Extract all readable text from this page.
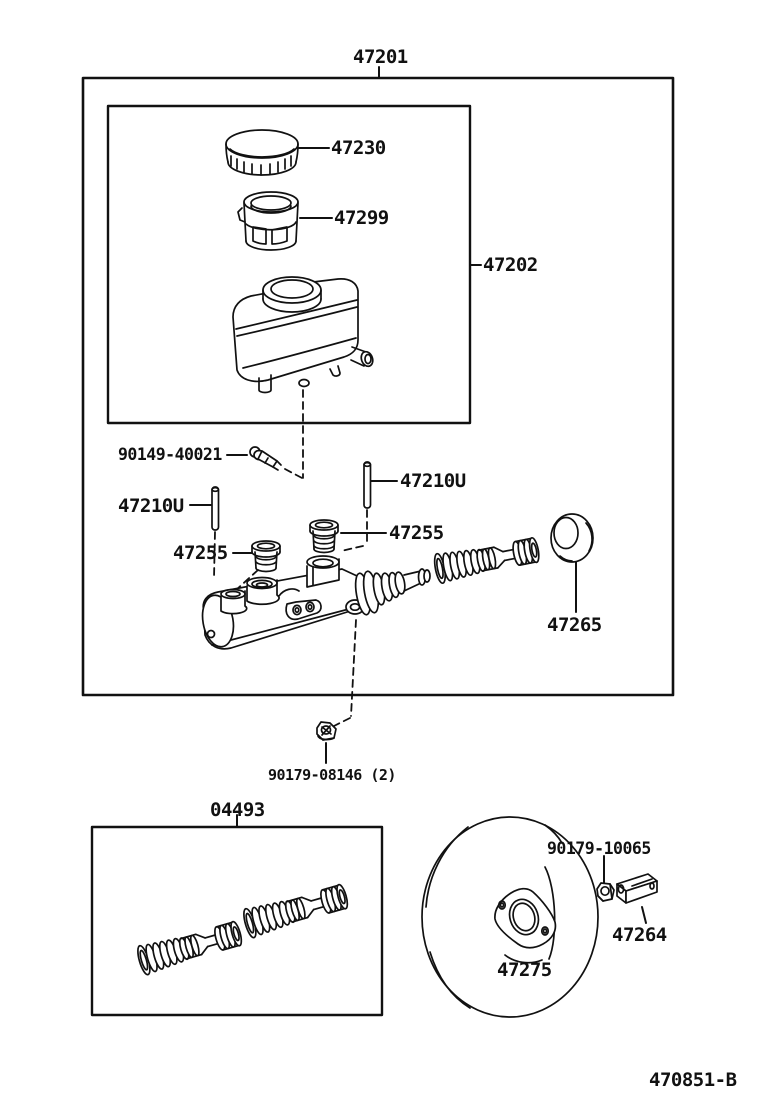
47201
47230
47299
47202
90149-40021
47210U
47210U
47255
47255
47265
90179-08146 (2)
04493
90179-10065
47264
47275
470851-B
